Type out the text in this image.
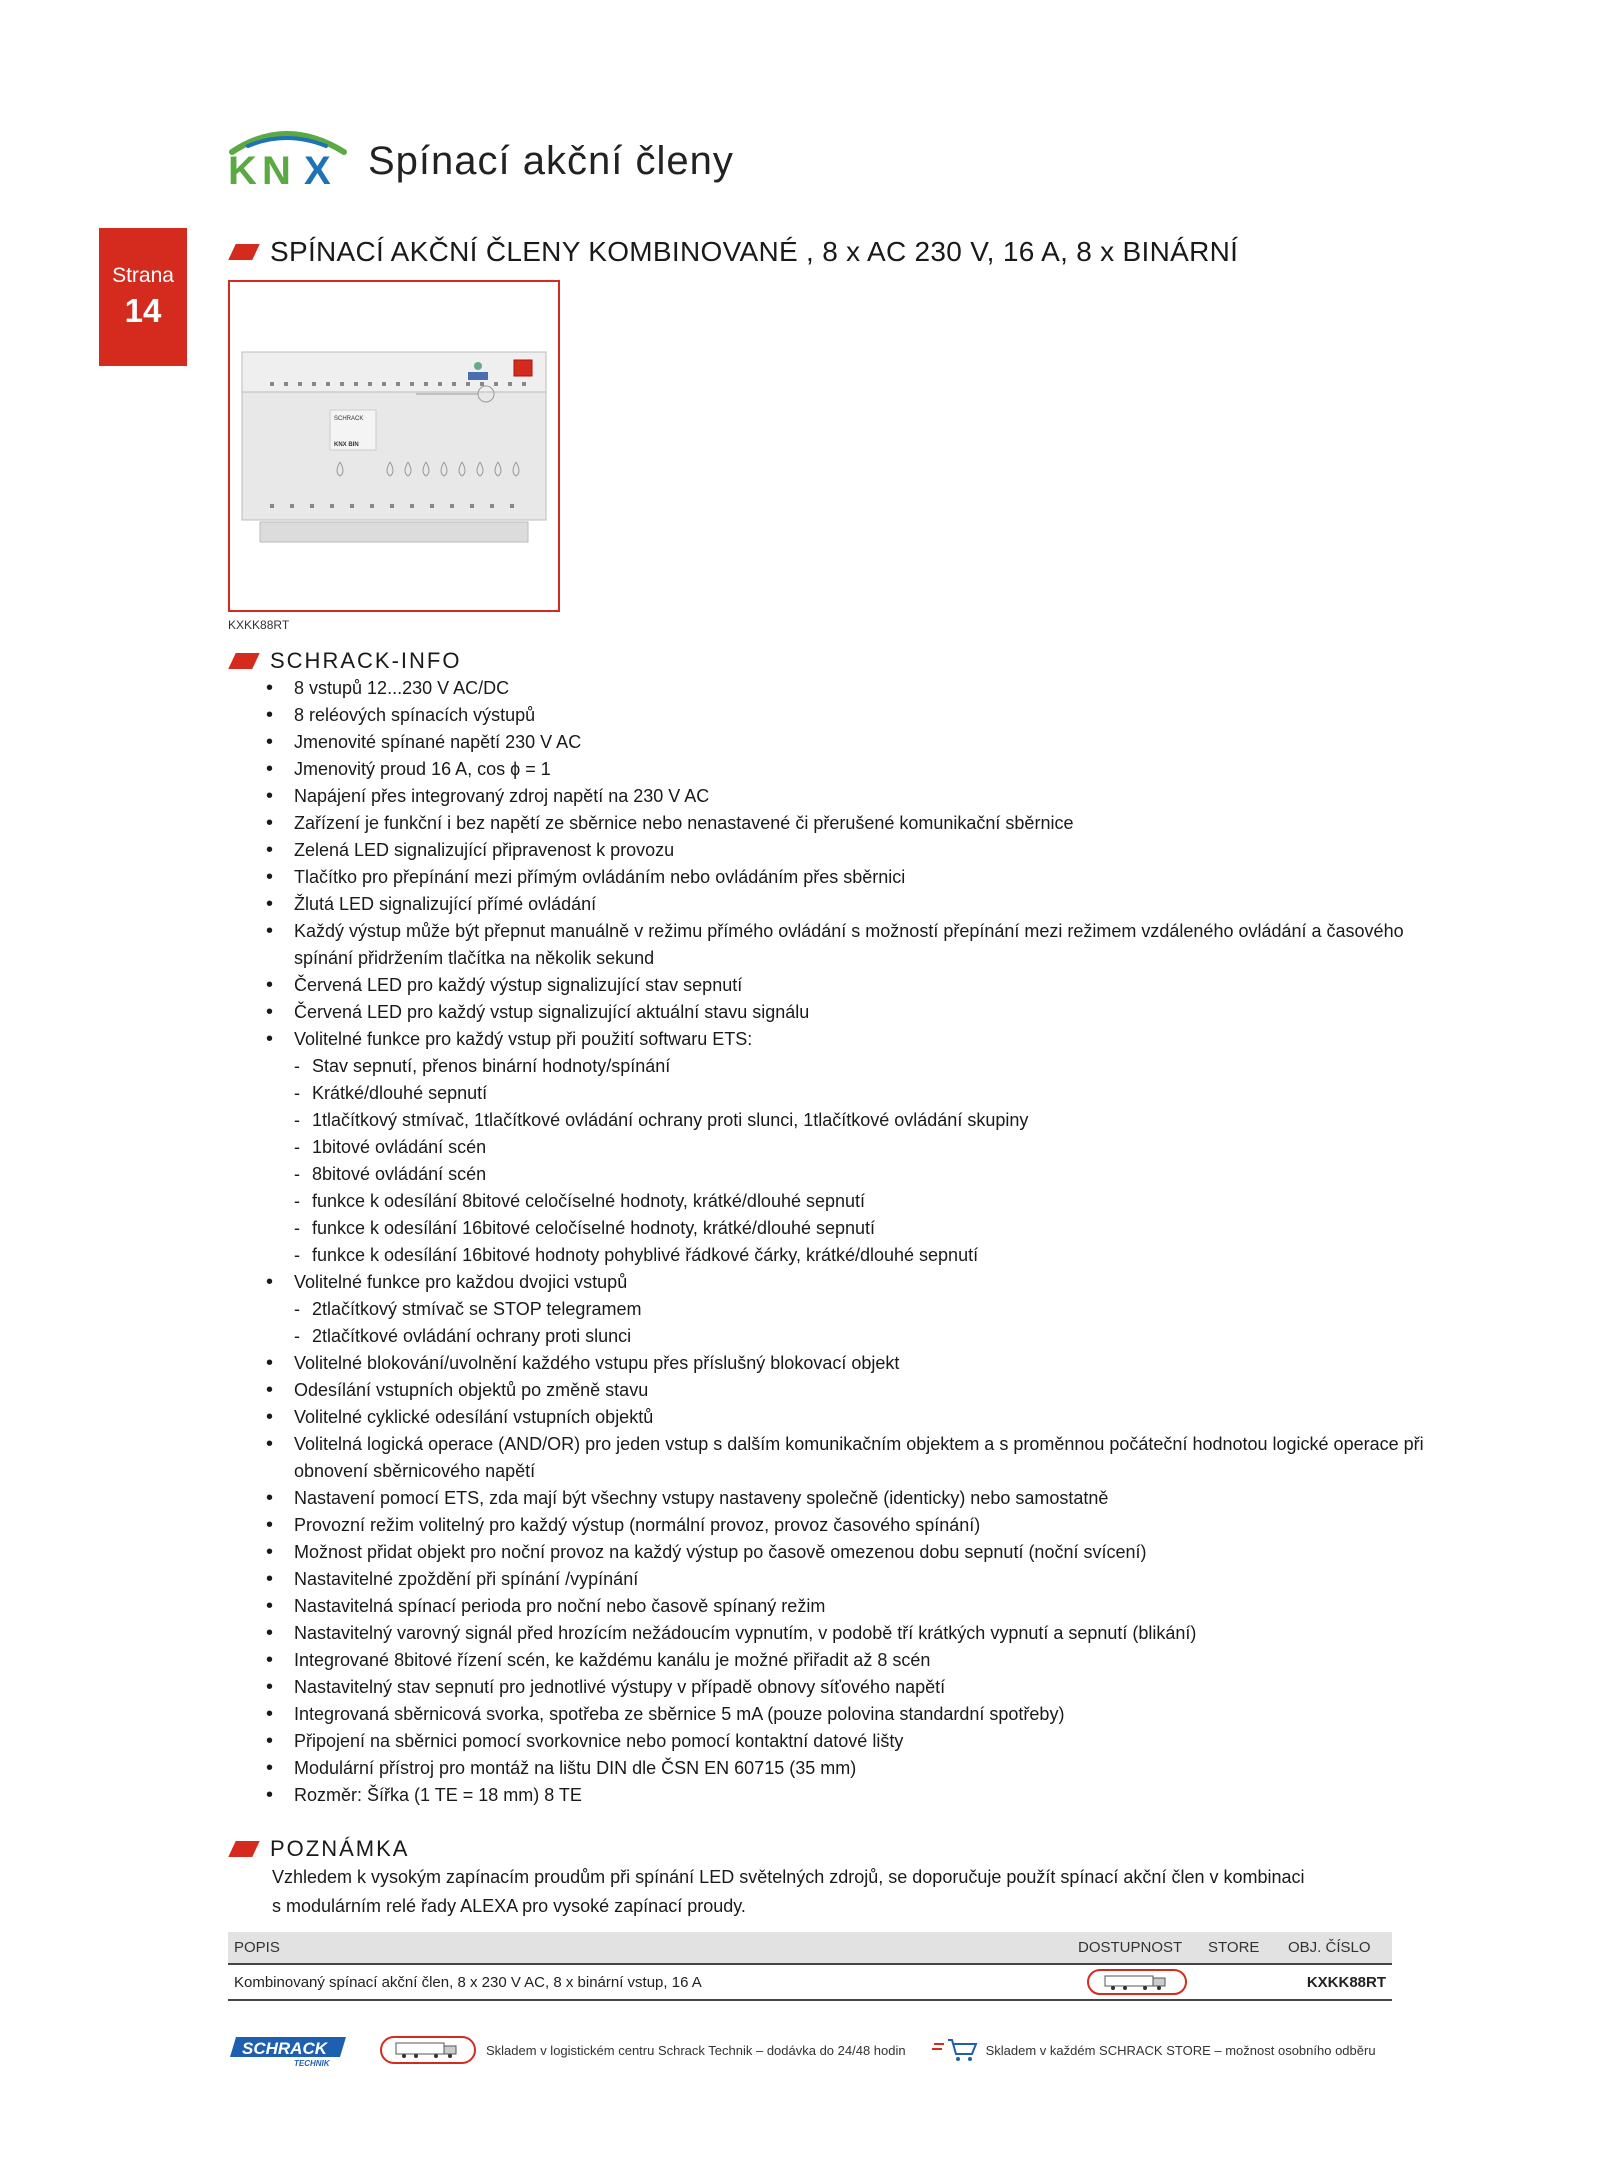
K N X Spínací akční členy
Strana
14
SPÍNACÍ AKČNÍ ČLENY KOMBINOVANÉ , 8 x AC 230 V, 16 A, 8 x BINÁRNÍ
SCHRACK
KNX BIN
KXKK88RT
SCHRACK-INFO
• 8 vstupů 12...230 V AC/DC
• 8 reléových spínacích výstupů
• Jmenovité spínané napětí 230 V AC
• Jmenovitý proud 16 A, cos ϕ = 1
• Napájení přes integrovaný zdroj napětí na 230 V AC
• Zařízení je funkční i bez napětí ze sběrnice nebo nenastavené či přerušené komunikační sběrnice
• Zelená LED signalizující připravenost k provozu
• Tlačítko pro přepínání mezi přímým ovládáním nebo ovládáním přes sběrnici
• Žlutá LED signalizující přímé ovládání
• Každý výstup může být přepnut manuálně v režimu přímého ovládání s možností přepínání mezi režimem vzdáleného ovládání a časového spínání přidržením tlačítka na několik sekund
• Červená LED pro každý výstup signalizující stav sepnutí
• Červená LED pro každý vstup signalizující aktuální stavu signálu
• Volitelné funkce pro každý vstup při použití softwaru ETS:
- Stav sepnutí, přenos binární hodnoty/spínání
- Krátké/dlouhé sepnutí
- 1tlačítkový stmívač, 1tlačítkové ovládání ochrany proti slunci, 1tlačítkové ovládání skupiny
- 1bitové ovládání scén
- 8bitové ovládání scén
- funkce k odesílání 8bitové celočíselné hodnoty, krátké/dlouhé sepnutí
- funkce k odesílání 16bitové celočíselné hodnoty, krátké/dlouhé sepnutí
- funkce k odesílání 16bitové hodnoty pohyblivé řádkové čárky, krátké/dlouhé sepnutí
• Volitelné funkce pro každou dvojici vstupů
- 2tlačítkový stmívač se STOP telegramem
- 2tlačítkové ovládání ochrany proti slunci
• Volitelné blokování/uvolnění každého vstupu přes příslušný blokovací objekt
• Odesílání vstupních objektů po změně stavu
• Volitelné cyklické odesílání vstupních objektů
• Volitelná logická operace (AND/OR) pro jeden vstup s dalším komunikačním objektem a s proměnnou počáteční hodnotou logické operace při obnovení sběrnicového napětí
• Nastavení pomocí ETS, zda mají být všechny vstupy nastaveny společně (identicky) nebo samostatně
• Provozní režim volitelný pro každý výstup (normální provoz, provoz časového spínání)
• Možnost přidat objekt pro noční provoz na každý výstup po časově omezenou dobu sepnutí (noční svícení)
• Nastavitelné zpoždění při spínání /vypínání
• Nastavitelná spínací perioda pro noční nebo časově spínaný režim
• Nastavitelný varovný signál před hrozícím nežádoucím vypnutím, v podobě tří krátkých vypnutí a sepnutí (blikání)
• Integrované 8bitové řízení scén, ke každému kanálu je možné přiřadit až 8 scén
• Nastavitelný stav sepnutí pro jednotlivé výstupy v případě obnovy síťového napětí
• Integrovaná sběrnicová svorka, spotřeba ze sběrnice 5 mA (pouze polovina standardní spotřeby)
• Připojení na sběrnici pomocí svorkovnice nebo pomocí kontaktní datové lišty
• Modulární přístroj pro montáž na lištu DIN dle ČSN EN 60715 (35 mm)
• Rozměr: Šířka (1 TE = 18 mm) 8 TE
POZNÁMKA
Vzhledem k vysokým zapínacím proudům při spínání LED světelných zdrojů, se doporučuje použít spínací akční člen v kombinaci
s modulárním relé řady ALEXA pro vysoké zapínací proudy.
POPIS	DOSTUPNOST	STORE	OBJ. ČÍSLO
Kombinovaný spínací akční člen, 8 x 230 V AC, 8 x binární vstup, 16 A			KXKK88RT
SCHRACK
TECHNIK
Skladem v logistickém centru Schrack Technik – dodávka do 24/48 hodin	Skladem v každém SCHRACK STORE – možnost osobního odběru
